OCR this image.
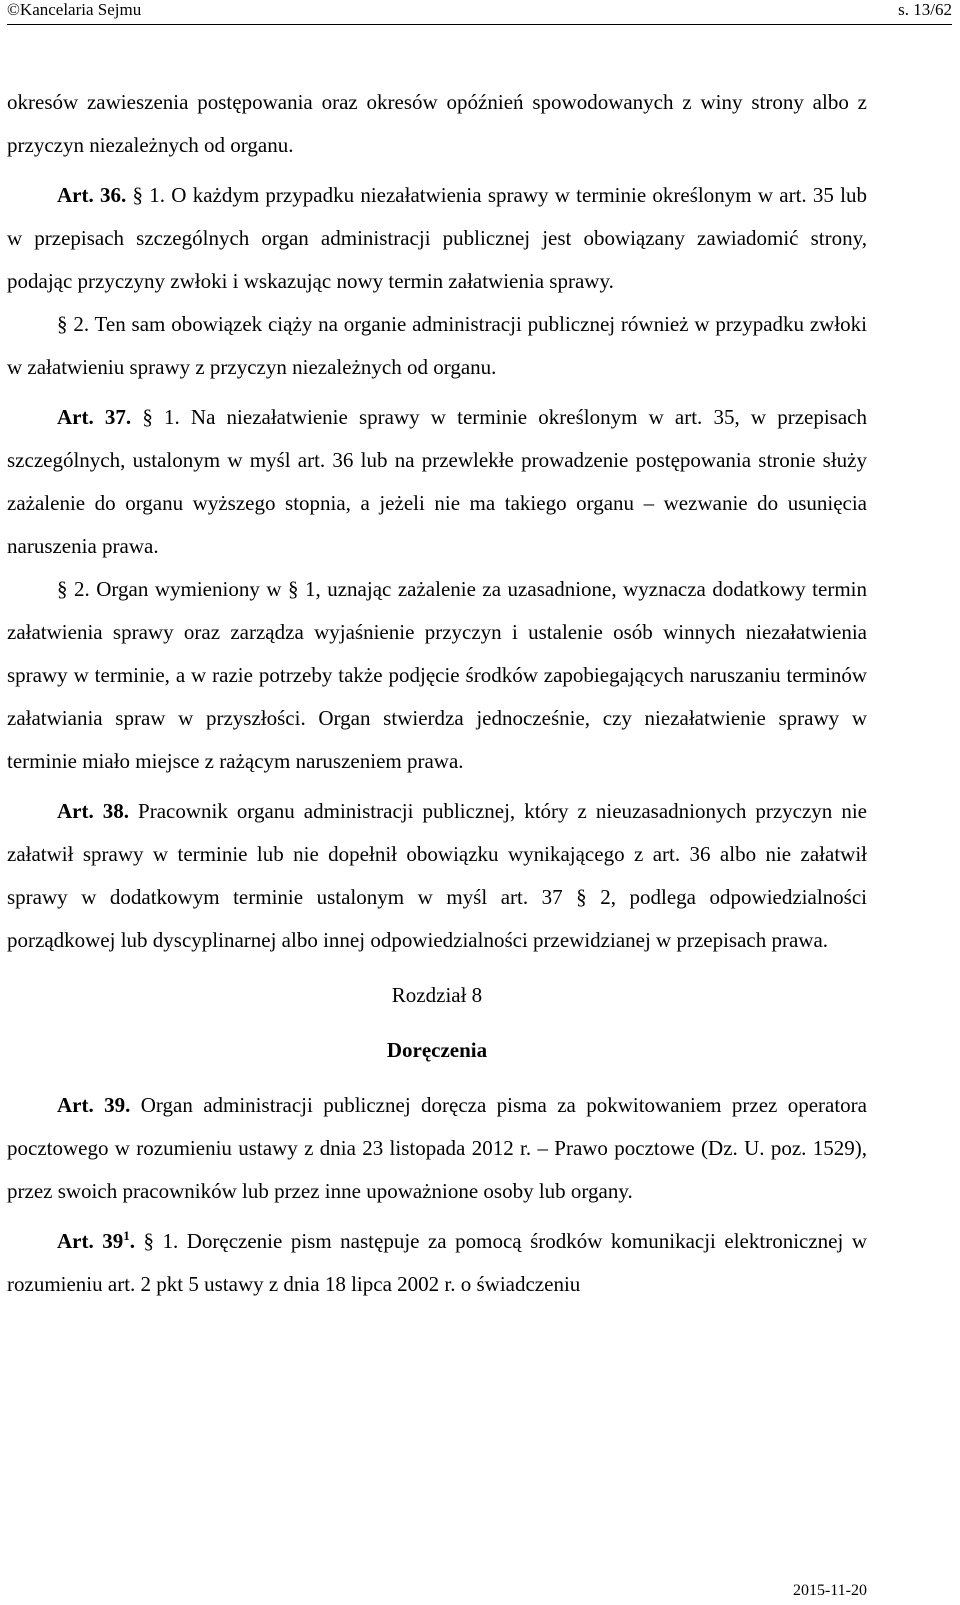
©Kancelaria Sejmu	s. 13/62

okresów zawieszenia postępowania oraz okresów opóźnień spowodowanych z winy strony albo z przyczyn niezależnych od organu.

Art. 36. § 1. O każdym przypadku niezałatwienia sprawy w terminie określonym w art. 35 lub w przepisach szczególnych organ administracji publicznej jest obowiązany zawiadomić strony, podając przyczyny zwłoki i wskazując nowy termin załatwienia sprawy.

§ 2. Ten sam obowiązek ciąży na organie administracji publicznej również w przypadku zwłoki w załatwieniu sprawy z przyczyn niezależnych od organu.

Art. 37. § 1. Na niezałatwienie sprawy w terminie określonym w art. 35, w przepisach szczególnych, ustalonym w myśl art. 36 lub na przewlekłe prowadzenie postępowania stronie służy zażalenie do organu wyższego stopnia, a jeżeli nie ma takiego organu – wezwanie do usunięcia naruszenia prawa.

§ 2. Organ wymieniony w § 1, uznając zażalenie za uzasadnione, wyznacza dodatkowy termin załatwienia sprawy oraz zarządza wyjaśnienie przyczyn i ustalenie osób winnych niezałatwienia sprawy w terminie, a w razie potrzeby także podjęcie środków zapobiegających naruszaniu terminów załatwiania spraw w przyszłości. Organ stwierdza jednocześnie, czy niezałatwienie sprawy w terminie miało miejsce z rażącym naruszeniem prawa.

Art. 38. Pracownik organu administracji publicznej, który z nieuzasadnionych przyczyn nie załatwił sprawy w terminie lub nie dopełnił obowiązku wynikającego z art. 36 albo nie załatwił sprawy w dodatkowym terminie ustalonym w myśl art. 37 § 2, podlega odpowiedzialności porządkowej lub dyscyplinarnej albo innej odpowiedzialności przewidzianej w przepisach prawa.

Rozdział 8

Doręczenia

Art. 39. Organ administracji publicznej doręcza pisma za pokwitowaniem przez operatora pocztowego w rozumieniu ustawy z dnia 23 listopada 2012 r. – Prawo pocztowe (Dz. U. poz. 1529), przez swoich pracowników lub przez inne upoważnione osoby lub organy.

Art. $39^1$. § 1. Doręczenie pism następuje za pomocą środków komunikacji elektronicznej w rozumieniu art. 2 pkt 5 ustawy z dnia 18 lipca 2002 r. o świadczeniu

2015-11-20
